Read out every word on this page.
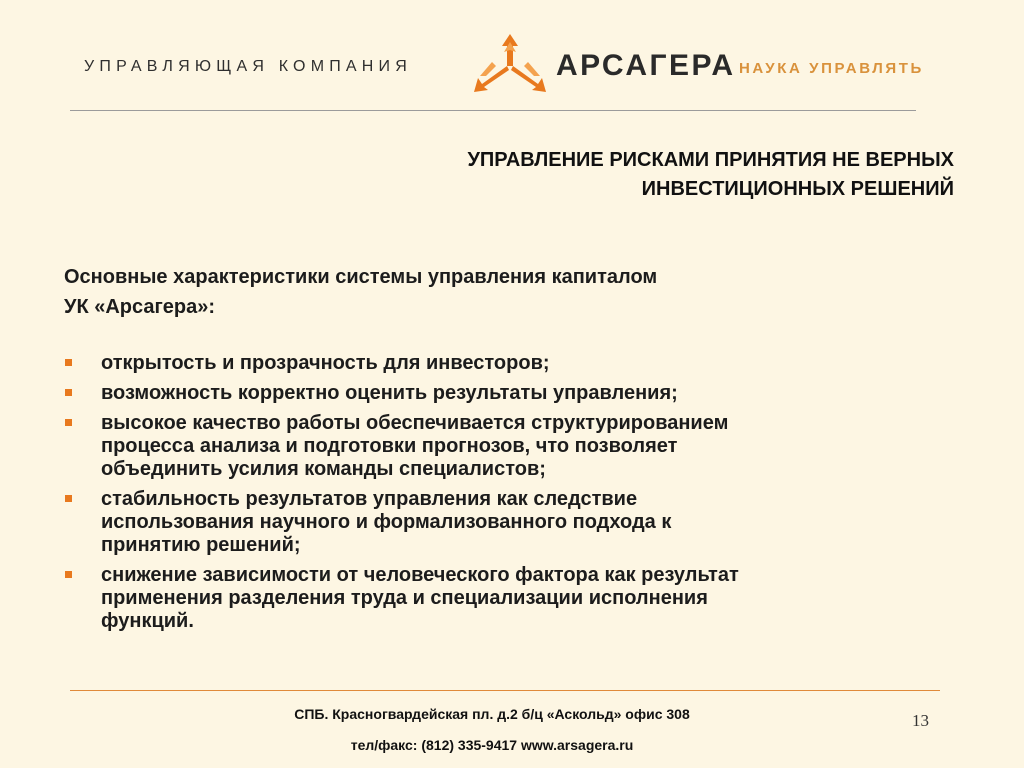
УПРАВЛЯЮЩАЯ КОМПАНИЯ	АРСАГЕРА НАУКА УПРАВЛЯТЬ
УПРАВЛЕНИЕ РИСКАМИ ПРИНЯТИЯ НЕ ВЕРНЫХ
ИНВЕСТИЦИОННЫХ РЕШЕНИЙ
Основные характеристики системы управления капиталом
УК «Арсагера»:
открытость и прозрачность для инвесторов;
возможность корректно оценить результаты управления;
высокое качество работы обеспечивается структурированием
процесса анализа и подготовки прогнозов, что позволяет
объединить усилия команды специалистов;
стабильность результатов управления как следствие
использования научного и формализованного подхода к
принятию решений;
снижение зависимости от человеческого фактора как результат
применения разделения труда и специализации исполнения
функций.
СПБ. Красногвардейская пл. д.2 б/ц «Аскольд» офис 308
тел/факс: (812) 335-9417 www.arsagera.ru
13
